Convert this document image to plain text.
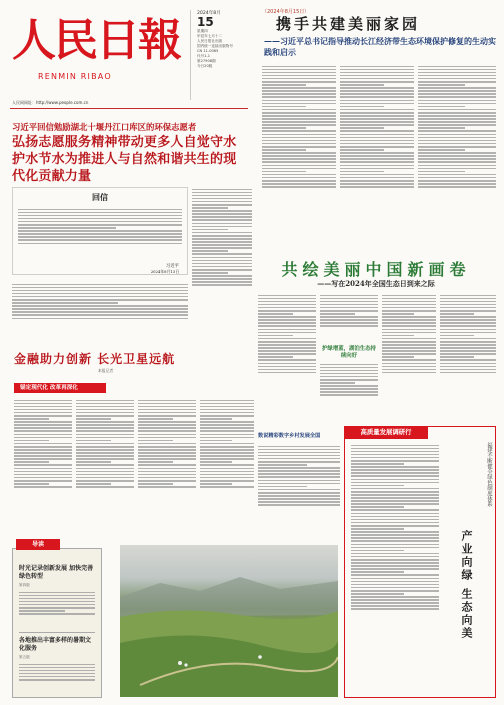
人民日報
RENMIN RIBAO
2024年8月
15
星期四
甲辰年七月十二
人民日报社出版
国内统一连续出版物号
CN 11-0065
代号1-1
第27908期
今日20版
人民网网址：http://www.people.com.cn
（2024年8月15日）
携手共建美丽家园
——习近平总书记指导推动长江经济带生态环境保护修复的生动实践和启示
习近平回信勉励湖北十堰丹江口库区的环保志愿者
弘扬志愿服务精神带动更多人自觉守水护水节水为推进人与自然和谐共生的现代化贡献力量
回信
习近平
2024年8月13日	共绘美丽中国新画卷
——写在2024年全国生态日到来之际
护绿增蓝，湖泊生态持续向好
金融助力创新 长光卫星远航
本报记者
锚定现代化 改革再深化
数说精彩数字乡村发展全国
时光记录创新发展 加快完善绿色转型
第四版
各地推出丰富多样的暑期文化服务
第五版
导读
高质量发展调研行
福建不断健全绿色制度体系
产业向绿 生态向美
